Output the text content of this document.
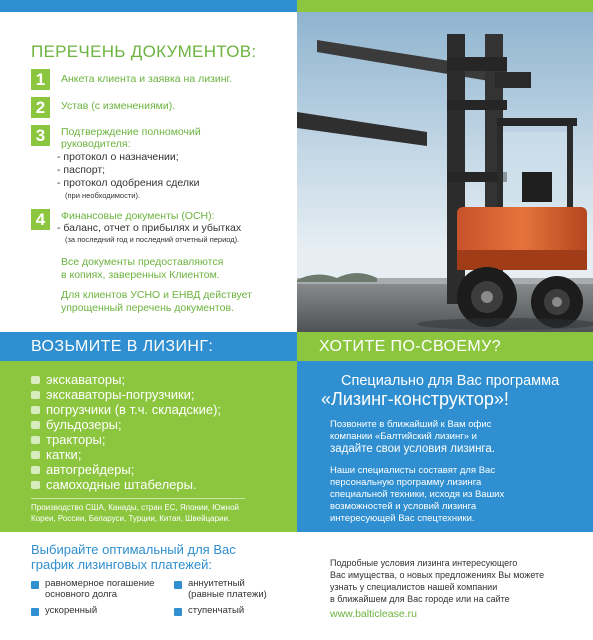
ПЕРЕЧЕНЬ ДОКУМЕНТОВ:
1	Анкета клиента и заявка на лизинг.
2	Устав (с изменениями).
3	Подтверждение полномочий
руководителя:
- протокол о назначении;
- паспорт;
- протокол одобрения сделки
(при необходимости).
4	Финансовые документы (ОСН):
- баланс, отчет о прибылях и убытках
(за последний год и последний отчетный период).
Все документы предоставляются
в копиях, заверенных Клиентом.
Для клиентов УСНО и ЕНВД действует
упрощенный перечень документов.
ВОЗЬМИТЕ В ЛИЗИНГ:	ХОТИТЕ ПО-СВОЕМУ?
экскаваторы;
экскаваторы-погрузчики;
погрузчики (в т.ч. складские);
бульдозеры;
тракторы;
катки;
автогрейдеры;
самоходные штабелеры.
Производство США, Канады, стран ЕС, Японии, Южной
Кореи, России, Беларуси, Турции, Китая, Швейцарии.
Специально для Вас программа
«Лизинг-конструктор»!
Позвоните в ближайший к Вам офис
компании «Балтийский лизинг» и
задайте свои условия лизинга.
Наши специалисты составят для Вас
персональную программу лизинга
специальной техники, исходя из Ваших
возможностей и условий лизинга
интересующей Вас спецтехники.
Выбирайте оптимальный для Вас
график лизинговых платежей:
равномерное погашение
основного долга
аннуитетный
(равные платежи)
ускоренный	ступенчатый
Подробные условия лизинга интересующего
Вас имущества, о новых предложениях Вы можете
узнать у специалистов нашей компании
в ближайшем для Вас городе или на сайте
www.balticlease.ru
